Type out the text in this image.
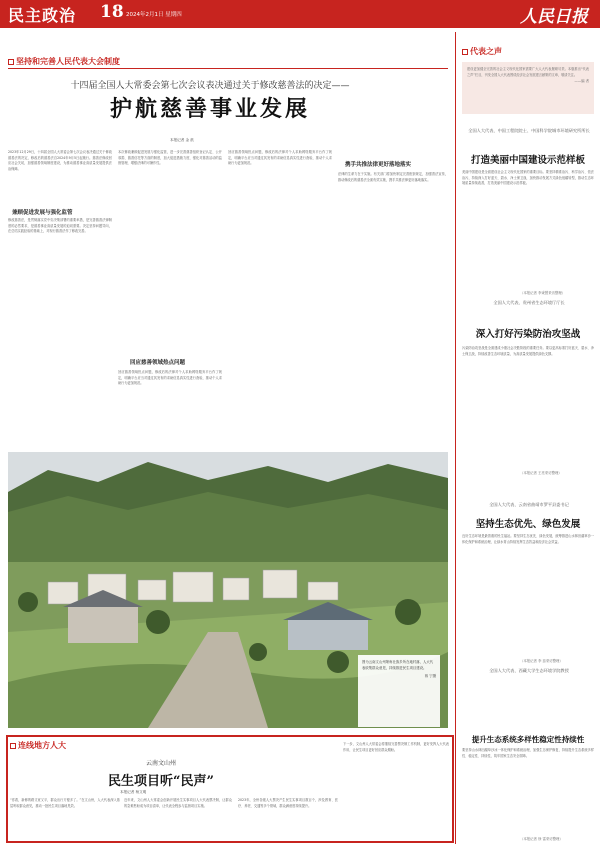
民主政治 18 2024年2月1日 星期四	人民日报
坚持和完善人民代表大会制度
十四届全国人大常委会第七次会议表决通过关于修改慈善法的决定——
护航慈善事业发展
本报记者 金 歆
2023年12月29日，十四届全国人大常委会第七次会议表决通过关于修改慈善法的决定，修改后的慈善法自2024年9月5日起施行。慈善法修改回应社会关切，加强慈善领域制度建设，为推动慈善事业高质量发展提供法治保障。
兼顾促进发展与强化监管
修改慈善法，是贯彻落实党中央决策部署的重要举措，是完善慈善法律制度的必然要求，是慈善事业高质量发展的迫切需要。决定坚持问题导向，在总结实践经验的基础上，对现行慈善法作了修改完善。
本次修改兼顾促进发展与强化监管，进一步完善慈善组织登记认定、公开募捐、慈善信托等方面的制度，加大促进措施力度，强化对慈善活动的监督管理，增强法律的可操作性。
回应慈善领域热点问题
回应慈善领域热点问题，修改后的法律对个人求助网络服务平台作了规定，明确平台应当对通过其发布的求助信息真实性进行查验，推动个人求助行为更加规范。
回应慈善领域热点问题，修改后的法律对个人求助网络服务平台作了规定，明确平台应当对通过其发布的求助信息真实性进行查验，推动个人求助行为更加规范。	携手共推法律更好落地落实
法律的生命力在于实施。有关部门将加快制定完善配套规定，加强普法宣传，推动修改后的慈善法全面有效实施，携手共推法律更好落地落实。
图为云南文山州篆角壮族乡所在地村落，人大代表收集群众意见，持续推进民生项目建设。
蒋 宁摄
连线地方人大
云南文山州
民生项目听“民声”
本报记者 杨文明
“你看，新修的路又宽又平，群众出行方便多了。”在文山州，人大代表深入基层听取群众意见，推动一批民生项目落地见效。
近年来，文山州人大常委会创新开展民生实事项目人大代表票决制，让群众的急难愁盼成为项目清单，让代表全程参与监督项目实施。
2023年，全州各级人大票决产生民生实事项目数百个，涉及教育、医疗、养老、交通等多个领域，群众满意度持续提升。
下一步，文山州人大常委会将继续完善票决制工作机制，更好发挥人大代表作用，让民生项目更好回应群众期盼。
代表之声
建设更加健全完善的社会主义现代化国家需要广大人大代表履职尽责。本版推出“代表之声”栏目，刊发全国人大代表围绕经济社会发展建言献策的文章，敬请关注。
——编 者
全国人大代表、中国工程院院士、中国科学院城市环境研究所所长
打造美丽中国建设示范样板
美丽中国建设是全面建设社会主义现代化国家的重要目标。要坚持精准治污、科学治污、依法治污，持续深入打好蓝天、碧水、净土保卫战，加快推动发展方式绿色低碳转型，推动生态环境质量持续改善，打造美丽中国建设示范样板。
（本报记者 李秉慧采访整理）
全国人大代表、贵州省生态环境厅厅长
深入打好污染防治攻坚战
污染防治攻坚战是全面建成小康社会决胜阶段的重要任务。要以更高标准打好蓝天、碧水、净土保卫战，持续改善生态环境质量，为高质量发展提供绿色支撑。
（本报记者 王亮采访整理）
全国人大代表、云南省曲靖市罗平县委书记
坚持生态优先、绿色发展
良好生态环境是最普惠的民生福祉。要坚持生态优先、绿色发展，统筹推进山水林田湖草沙一体化保护和系统治理，让绿水青山持续发挥生态效益和经济社会效益。
（本报记者 李 蕊采访整理）
全国人大代表、西藏大学生态环境学院教授
提升生态系统多样性稳定性持续性
要坚持山水林田湖草沙冰一体化保护和系统治理，加强生态保护修复，持续提升生态系统多样性、稳定性、持续性，筑牢国家生态安全屏障。
（本报记者 徐 雷采访整理）
